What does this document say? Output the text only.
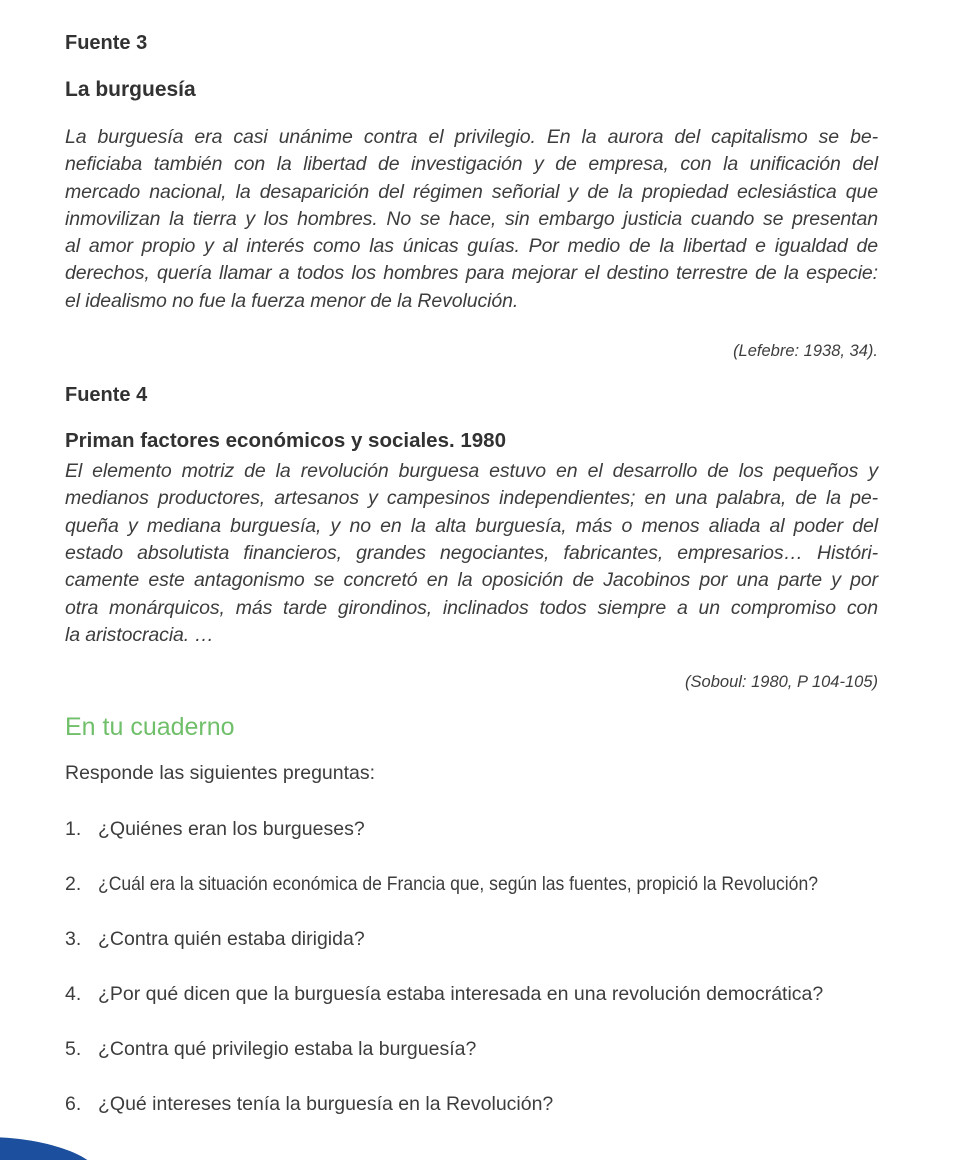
Fuente 3
La burguesía
La burguesía era casi unánime contra el privilegio. En la aurora del capitalismo se be-
neficiaba también con la libertad de investigación y de empresa, con la unificación del
mercado nacional, la desaparición del régimen señorial y de la propiedad eclesiástica que
inmovilizan la tierra y los hombres. No se hace, sin embargo justicia cuando se presentan
al amor propio y al interés como las únicas guías. Por medio de la libertad e igualdad de
derechos, quería llamar a todos los hombres para mejorar el destino terrestre de la especie:
el idealismo no fue la fuerza menor de la Revolución.

(Lefebre: 1938, 34).

Fuente 4
Priman factores económicos y sociales. 1980
El elemento motriz de la revolución burguesa estuvo en el desarrollo de los pequeños y
medianos productores, artesanos y campesinos independientes; en una palabra, de la pe-
queña y mediana burguesía, y no en la alta burguesía, más o menos aliada al poder del
estado absolutista financieros, grandes negociantes, fabricantes, empresarios… Históri-
camente este antagonismo se concretó en la oposición de Jacobinos por una parte y por
otra monárquicos, más tarde girondinos, inclinados todos siempre a un compromiso con
la aristocracia. …

(Soboul: 1980, P 104-105)

En tu cuaderno

Responde las siguientes preguntas:

1. ¿Quiénes eran los burgueses?
2. ¿Cuál era la situación económica de Francia que, según las fuentes, propició la Revolución?
3. ¿Contra quién estaba dirigida?
4. ¿Por qué dicen que la burguesía estaba interesada en una revolución democrática?
5. ¿Contra qué privilegio estaba la burguesía?
6. ¿Qué intereses tenía la burguesía en la Revolución?
